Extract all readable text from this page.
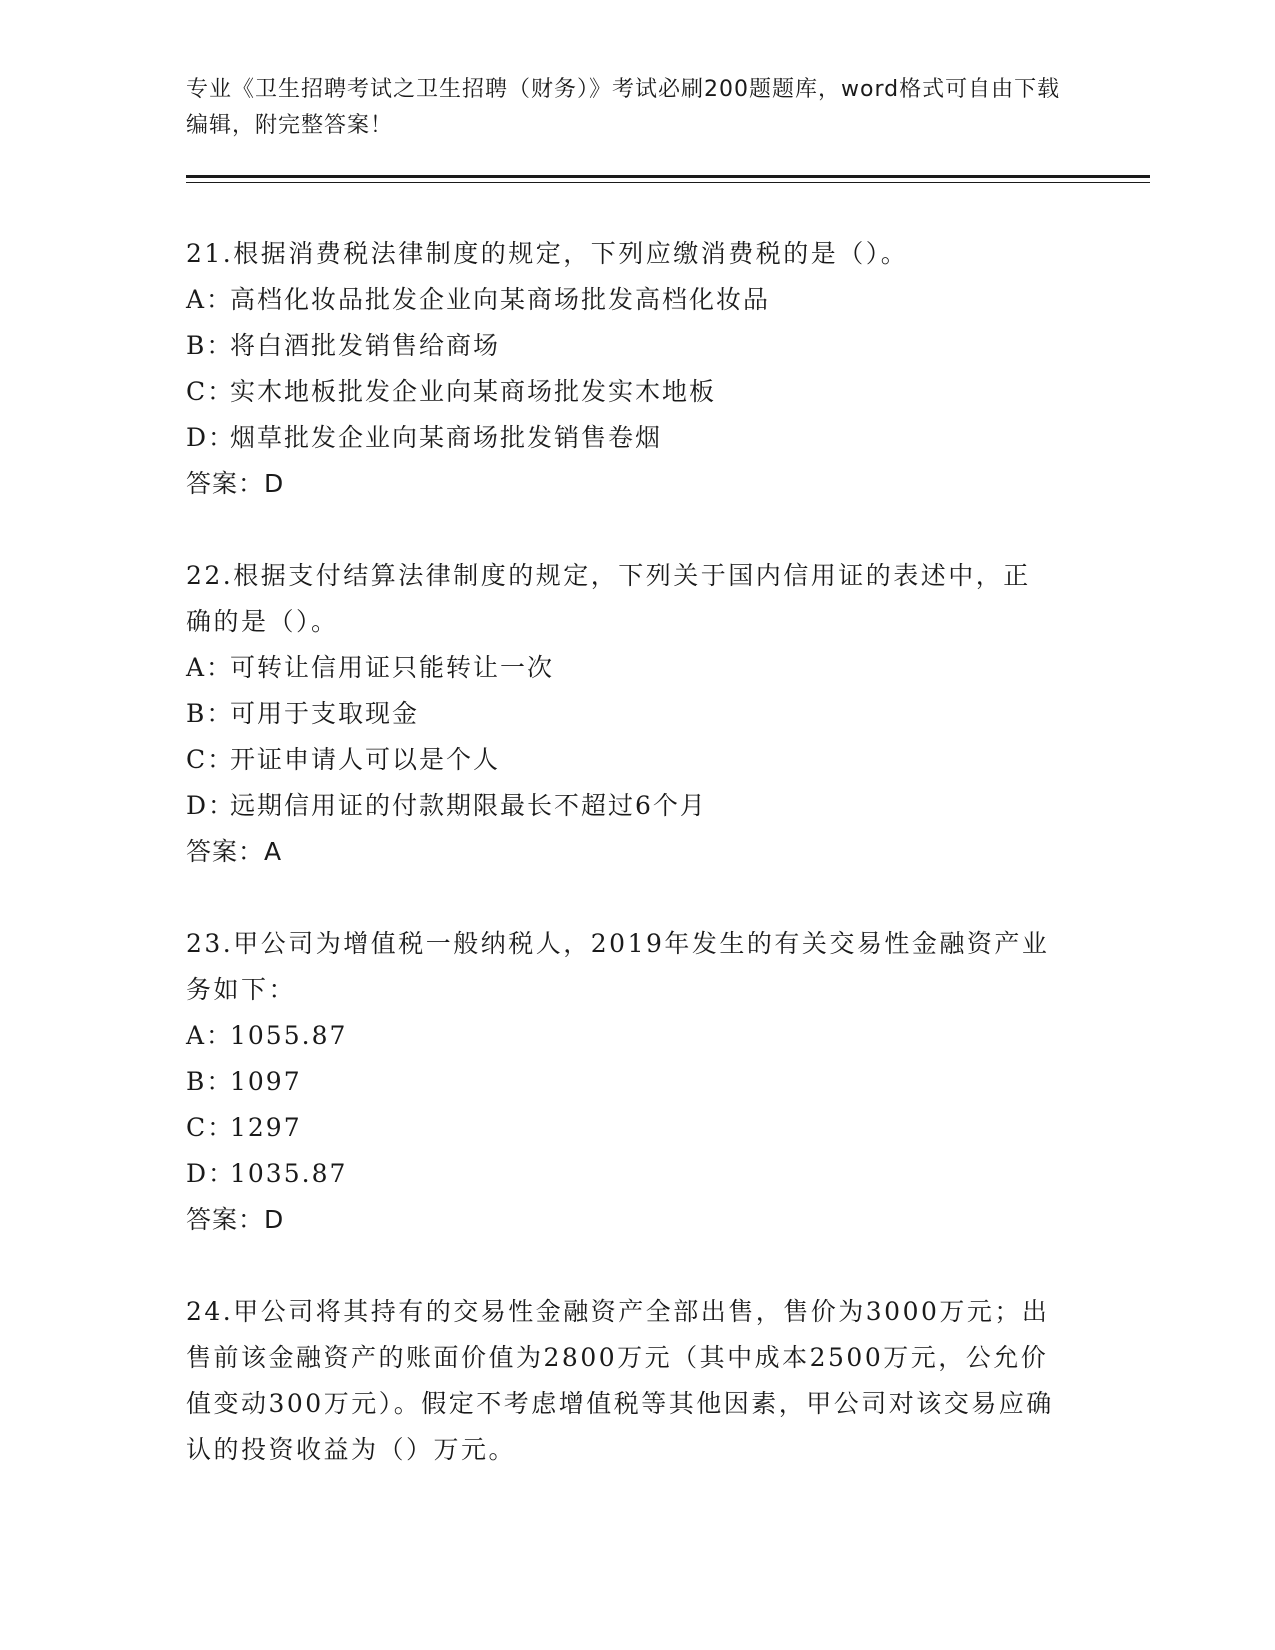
专业《卫生招聘考试之卫生招聘（财务）》考试必刷200题题库，word格式可自由下载编辑，附完整答案！
21.根据消费税法律制度的规定，下列应缴消费税的是（）。
A：高档化妆品批发企业向某商场批发高档化妆品
B：将白酒批发销售给商场
C：实木地板批发企业向某商场批发实木地板
D：烟草批发企业向某商场批发销售卷烟
答案：D
22.根据支付结算法律制度的规定，下列关于国内信用证的表述中，正确的是（）。
A：可转让信用证只能转让一次
B：可用于支取现金
C：开证申请人可以是个人
D：远期信用证的付款期限最长不超过6个月
答案：A
23.甲公司为增值税一般纳税人，2019年发生的有关交易性金融资产业务如下：
A：1055.87
B：1097
C：1297
D：1035.87
答案：D
24.甲公司将其持有的交易性金融资产全部出售，售价为3000万元；出售前该金融资产的账面价值为2800万元（其中成本2500万元，公允价值变动300万元）。假定不考虑增值税等其他因素，甲公司对该交易应确认的投资收益为（）万元。
